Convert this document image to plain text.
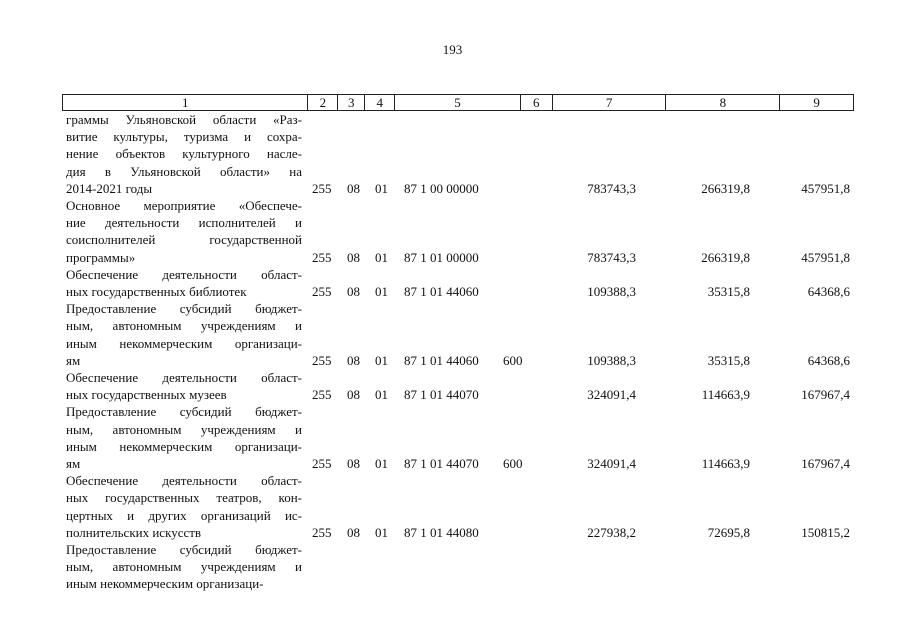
193
1	2	3	4	5	6	7	8	9
граммы Ульяновской области «Раз-
витие культуры, туризма и сохра-
нение объектов культурного насле-
дия в Ульяновской области» на
2014-2021 годы	255 08 01 87 1 00 00000	783743,3	266319,8	457951,8
Основное мероприятие «Обеспече-
ние деятельности исполнителей и
соисполнителей государственной
программы»	255 08 01 87 1 01 00000	783743,3	266319,8	457951,8
Обеспечение деятельности област-
ных государственных библиотек	255 08 01 87 1 01 44060	109388,3	35315,8	64368,6
Предоставление субсидий бюджет-
ным, автономным учреждениям и
иным некоммерческим организаци-
ям	255 08 01 87 1 01 44060 600	109388,3	35315,8	64368,6
Обеспечение деятельности област-
ных государственных музеев	255 08 01 87 1 01 44070	324091,4	114663,9	167967,4
Предоставление субсидий бюджет-
ным, автономным учреждениям и
иным некоммерческим организаци-
ям	255 08 01 87 1 01 44070 600	324091,4	114663,9	167967,4
Обеспечение деятельности област-
ных государственных театров, кон-
цертных и других организаций ис-
полнительских искусств	255 08 01 87 1 01 44080	227938,2	72695,8	150815,2
Предоставление субсидий бюджет-
ным, автономным учреждениям и
иным некоммерческим организаци-
